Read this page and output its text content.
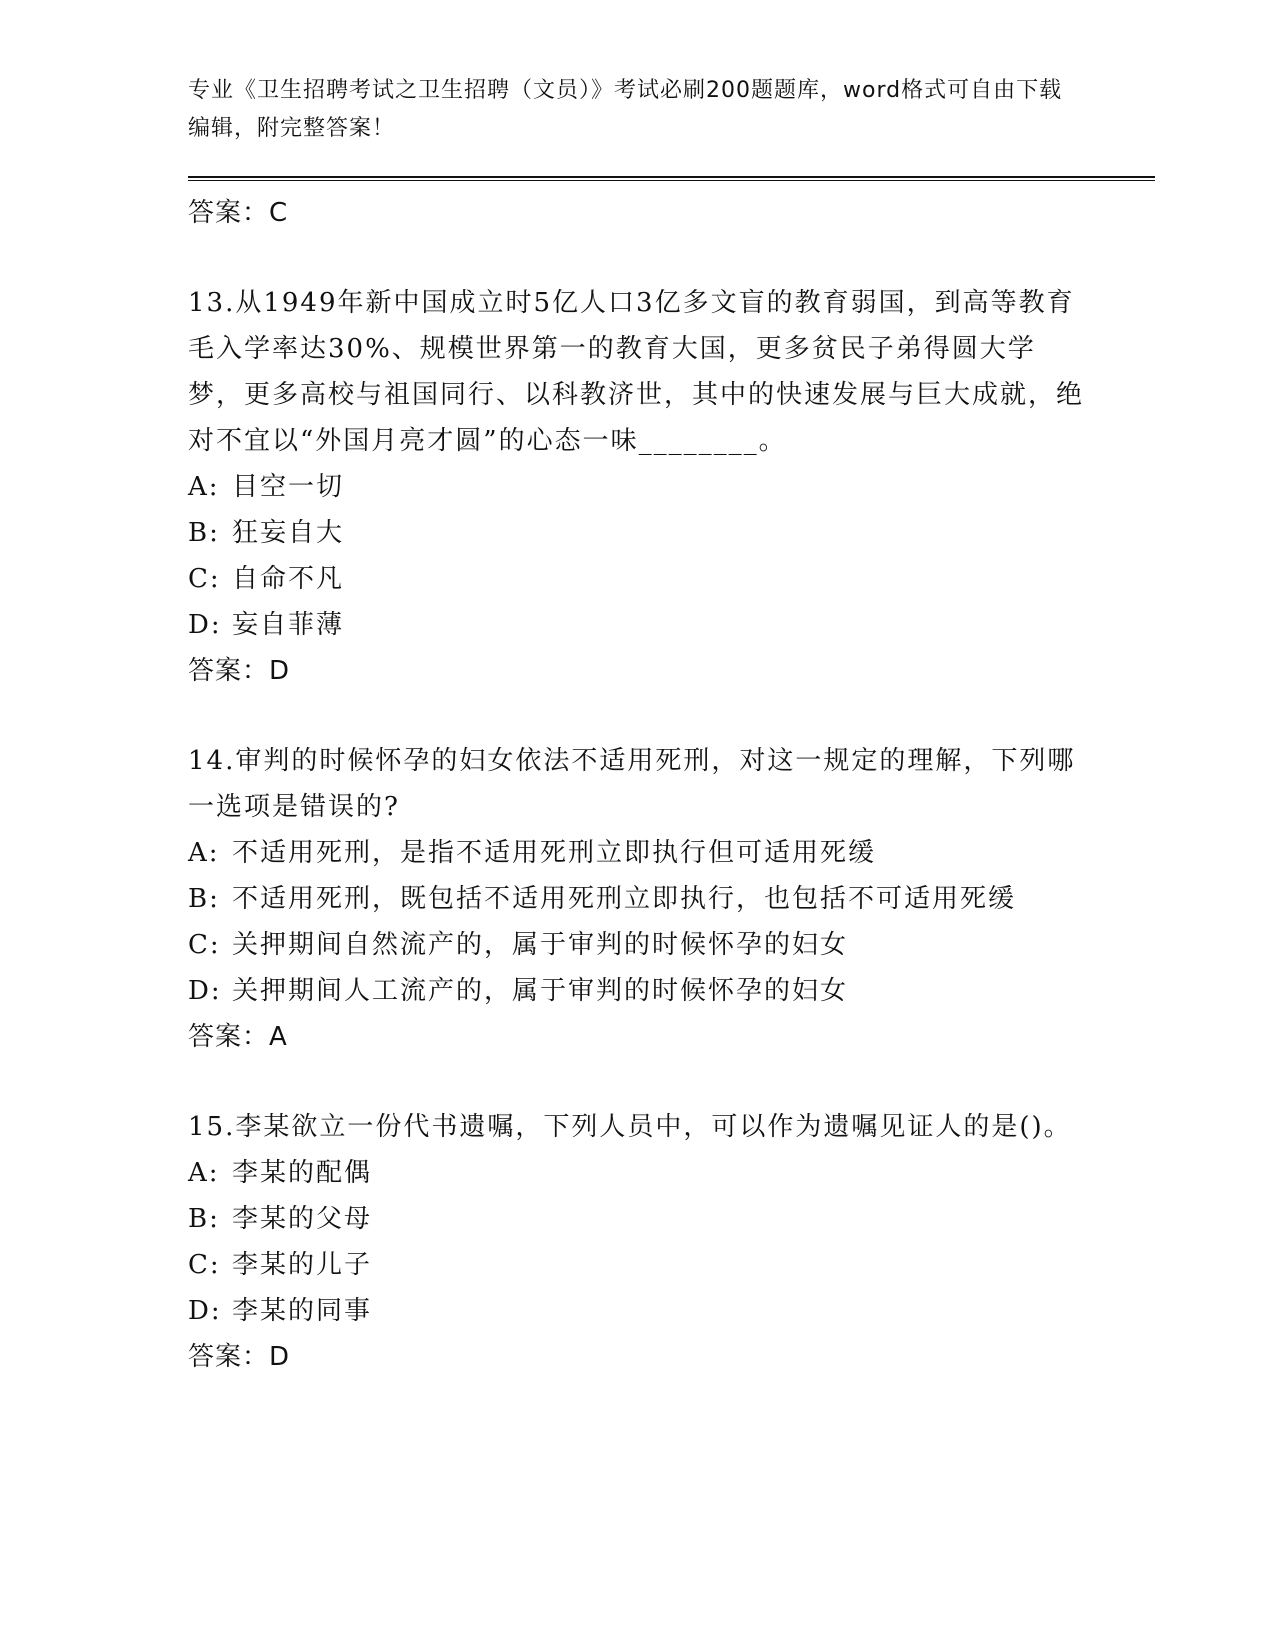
专业《卫生招聘考试之卫生招聘（文员）》考试必刷200题题库，word格式可自由下载编辑，附完整答案！
答案：C
13.从1949年新中国成立时5亿人口3亿多文盲的教育弱国，到高等教育毛入学率达30%、规模世界第一的教育大国，更多贫民子弟得圆大学梦，更多高校与祖国同行、以科教济世，其中的快速发展与巨大成就，绝对不宜以“外国月亮才圆”的心态一味________。
A: 目空一切
B: 狂妄自大
C: 自命不凡
D: 妄自菲薄
答案：D
14.审判的时候怀孕的妇女依法不适用死刑，对这一规定的理解，下列哪一选项是错误的?
A: 不适用死刑，是指不适用死刑立即执行但可适用死缓
B: 不适用死刑，既包括不适用死刑立即执行，也包括不可适用死缓
C: 关押期间自然流产的，属于审判的时候怀孕的妇女
D: 关押期间人工流产的，属于审判的时候怀孕的妇女
答案：A
15.李某欲立一份代书遗嘱，下列人员中，可以作为遗嘱见证人的是()。
A: 李某的配偶
B: 李某的父母
C: 李某的儿子
D: 李某的同事
答案：D
